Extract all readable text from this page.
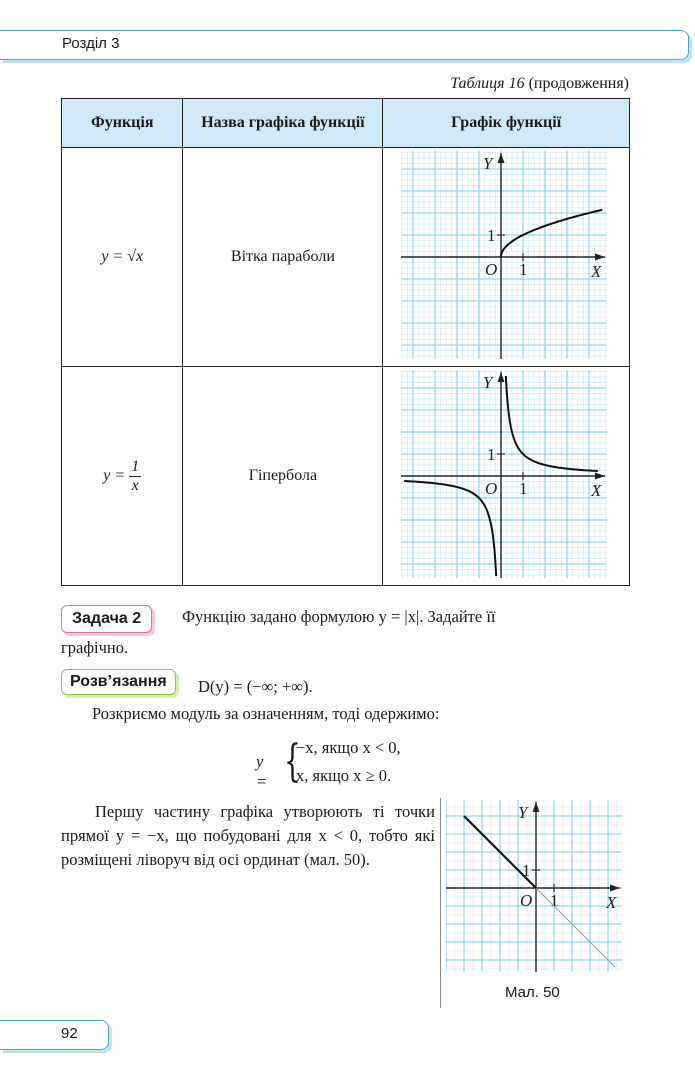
Розділ 3
Таблиця 16 (продовження)
Функція	Назва графіка функції	Графік функції
y = √x	Вітка параболи	X
Y
O 1
1

$y = \frac{1}{x}$	Гіпербола	X
Y
O 1
1
Задача 2	Функцію задано формулою y = |x|. Задайте її
графічно.
Розв’язання	D(y) = (−∞; +∞).
Розкриємо модуль за означенням, тоді одержимо:
y = {
−x, якщо x < 0,
x, якщо x ≥ 0.

Першу частину графіка утворюють ті точки прямої y = −x, що побудовані для x < 0, тобто які розміщені ліворуч від осі ординат (мал. 50).

X
Y
O 1
1
Мал. 50
92
